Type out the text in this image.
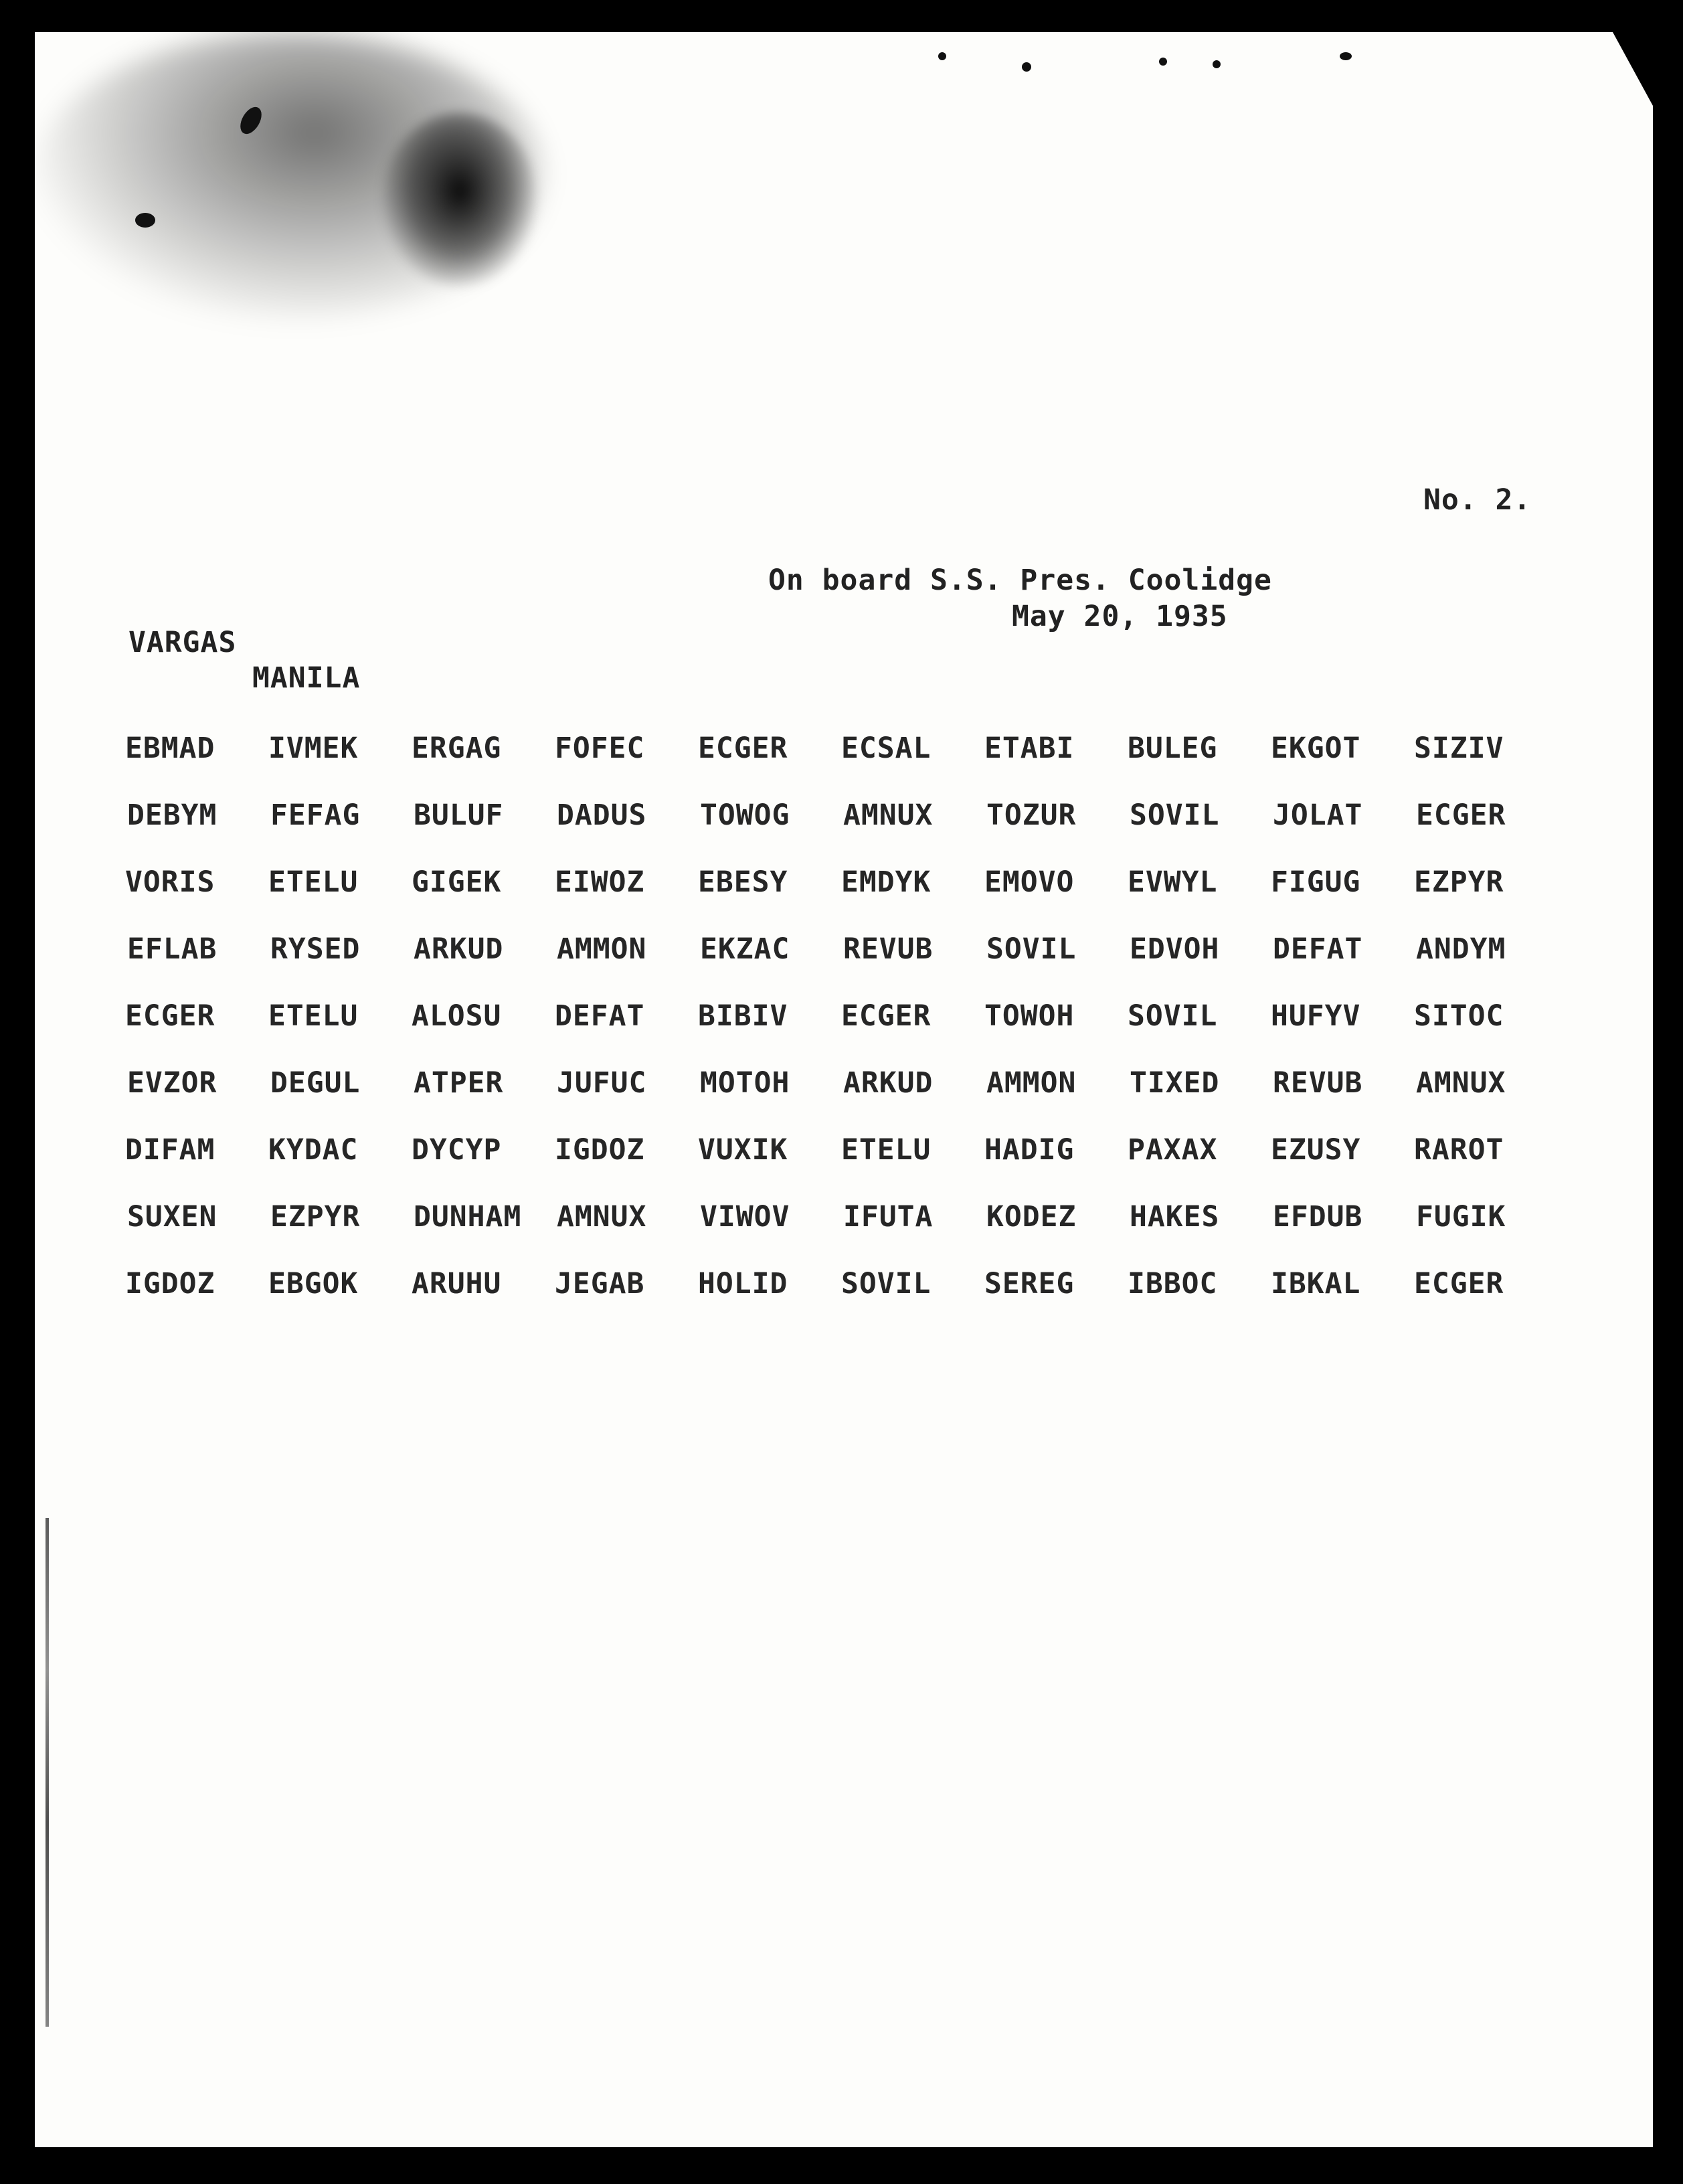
No. 2.

On board S.S. Pres. Coolidge

May 20, 1935

VARGAS

MANILA

EBMAD IVMEK ERGAG FOFEC ECGER ECSAL ETABI BULEG EKGOT SIZIV
DEBYM FEFAG BULUF DADUS TOWOG AMNUX TOZUR SOVIL JOLAT ECGER
VORIS ETELU GIGEK EIWOZ EBESY EMDYK EMOVO EVWYL FIGUG EZPYR
EFLAB RYSED ARKUD AMMON EKZAC REVUB SOVIL EDVOH DEFAT ANDYM
ECGER ETELU ALOSU DEFAT BIBIV ECGER TOWOH SOVIL HUFYV SITOC
EVZOR DEGUL ATPER JUFUC MOTOH ARKUD AMMON TIXED REVUB AMNUX
DIFAM KYDAC DYCYP IGDOZ VUXIK ETELU HADIG PAXAX EZUSY RAROT
SUXEN EZPYR DUNHAM AMNUX VIWOV IFUTA KODEZ HAKES EFDUB FUGIK
IGDOZ EBGOK ARUHU JEGAB HOLID SOVIL SEREG IBBOC IBKAL ECGER
